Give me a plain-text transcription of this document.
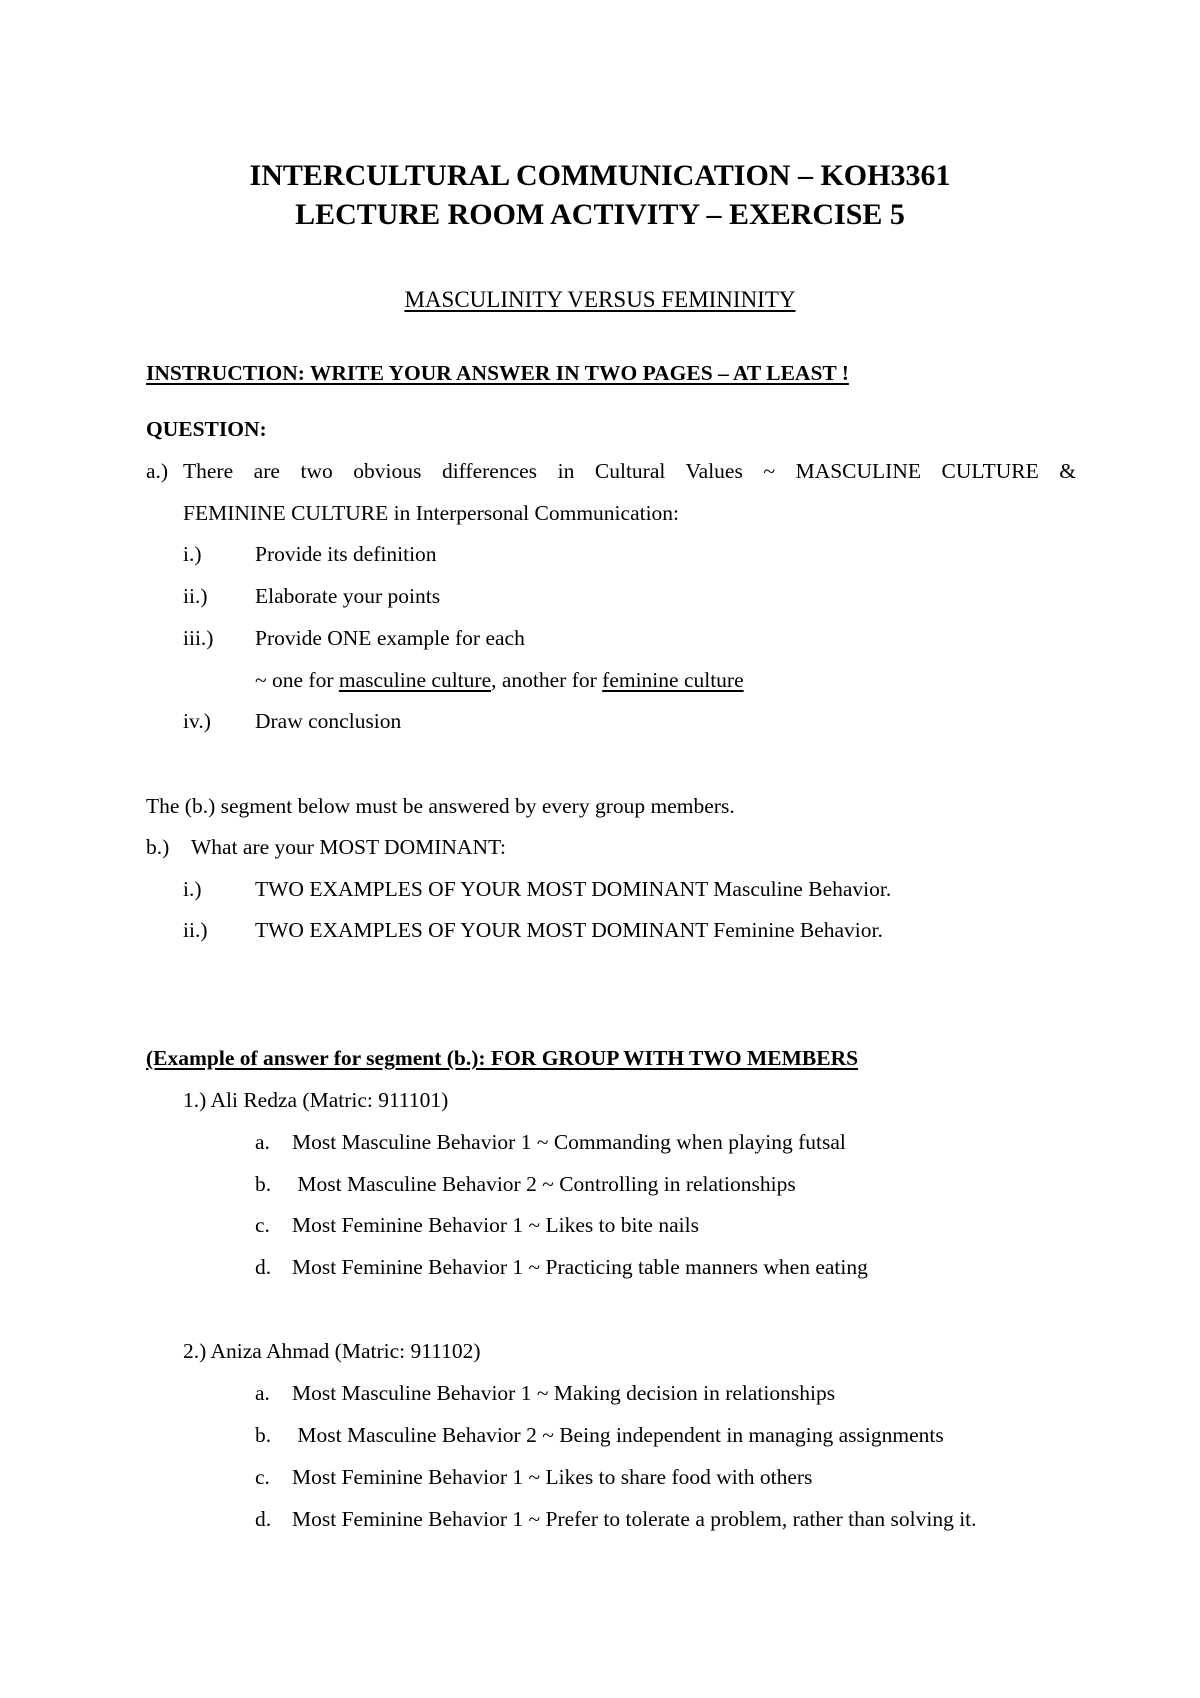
INTERCULTURAL COMMUNICATION – KOH3361
LECTURE ROOM ACTIVITY – EXERCISE 5
MASCULINITY VERSUS FEMININITY
INSTRUCTION: WRITE YOUR ANSWER IN TWO PAGES – AT LEAST !
QUESTION:
a.) There are two obvious differences in Cultural Values ~ MASCULINE CULTURE &
FEMININE CULTURE in Interpersonal Communication:
i.) Provide its definition
ii.) Elaborate your points
iii.) Provide ONE example for each
~ one for masculine culture, another for feminine culture
iv.) Draw conclusion
The (b.) segment below must be answered by every group members.
b.) What are your MOST DOMINANT:
i.) TWO EXAMPLES OF YOUR MOST DOMINANT Masculine Behavior.
ii.) TWO EXAMPLES OF YOUR MOST DOMINANT Feminine Behavior.
(Example of answer for segment (b.): FOR GROUP WITH TWO MEMBERS
1.) Ali Redza (Matric: 911101)
a. Most Masculine Behavior 1 ~ Commanding when playing futsal
b. Most Masculine Behavior 2 ~ Controlling in relationships
c. Most Feminine Behavior 1 ~ Likes to bite nails
d. Most Feminine Behavior 1 ~ Practicing table manners when eating
2.) Aniza Ahmad (Matric: 911102)
a. Most Masculine Behavior 1 ~ Making decision in relationships
b. Most Masculine Behavior 2 ~ Being independent in managing assignments
c. Most Feminine Behavior 1 ~ Likes to share food with others
d. Most Feminine Behavior 1 ~ Prefer to tolerate a problem, rather than solving it.
